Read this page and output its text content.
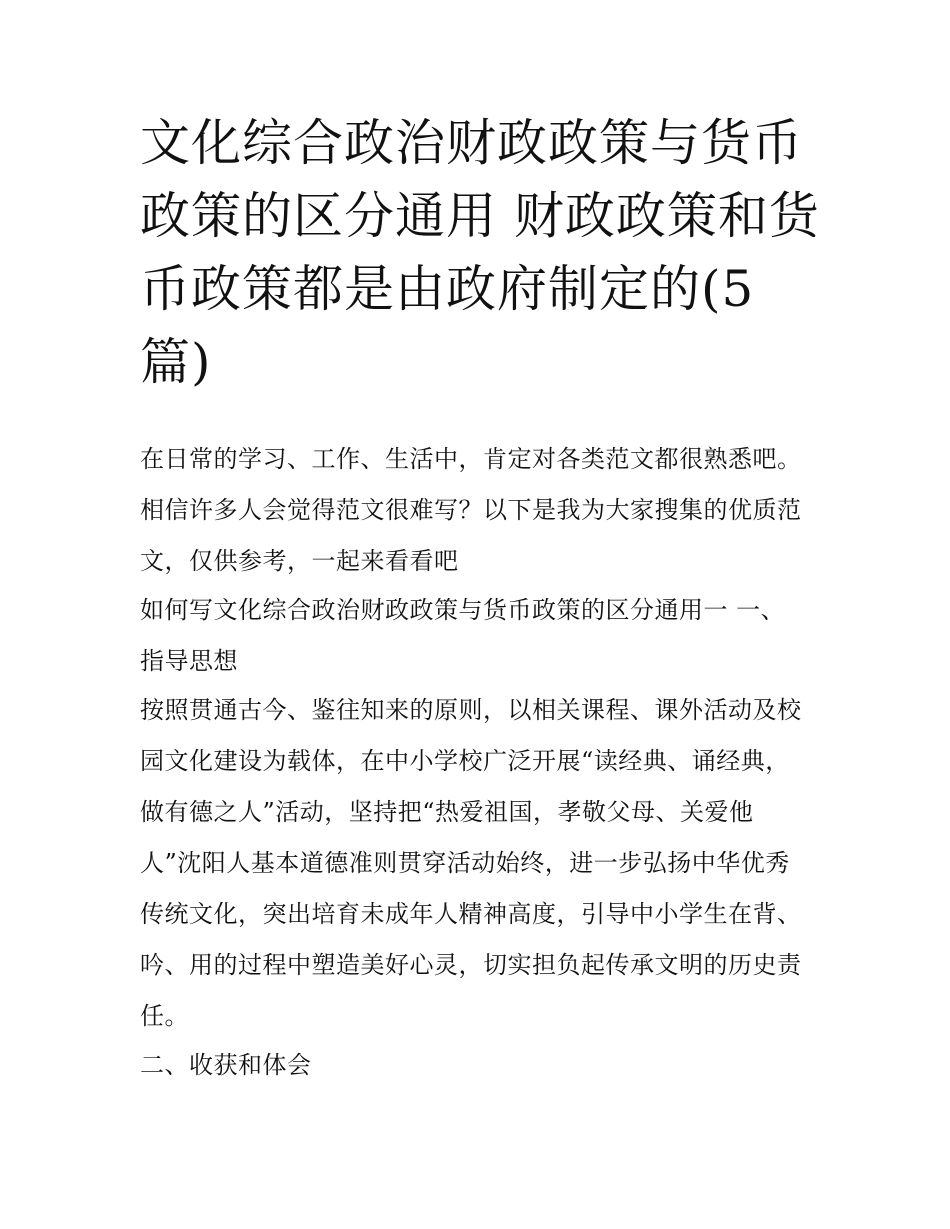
文化综合政治财政政策与货币
政策的区分通用 财政政策和货
币政策都是由政府制定的(5
篇)
在日常的学习、工作、生活中，肯定对各类范文都很熟悉吧。
相信许多人会觉得范文很难写？以下是我为大家搜集的优质范
文，仅供参考，一起来看看吧
如何写文化综合政治财政政策与货币政策的区分通用一 一、
指导思想
按照贯通古今、鉴往知来的原则，以相关课程、课外活动及校
园文化建设为载体，在中小学校广泛开展“读经典、诵经典，
做有德之人”活动，坚持把“热爱祖国，孝敬父母、关爱他
人”沈阳人基本道德准则贯穿活动始终，进一步弘扬中华优秀
传统文化，突出培育未成年人精神高度，引导中小学生在背、
吟、用的过程中塑造美好心灵，切实担负起传承文明的历史责
任。
二、收获和体会
